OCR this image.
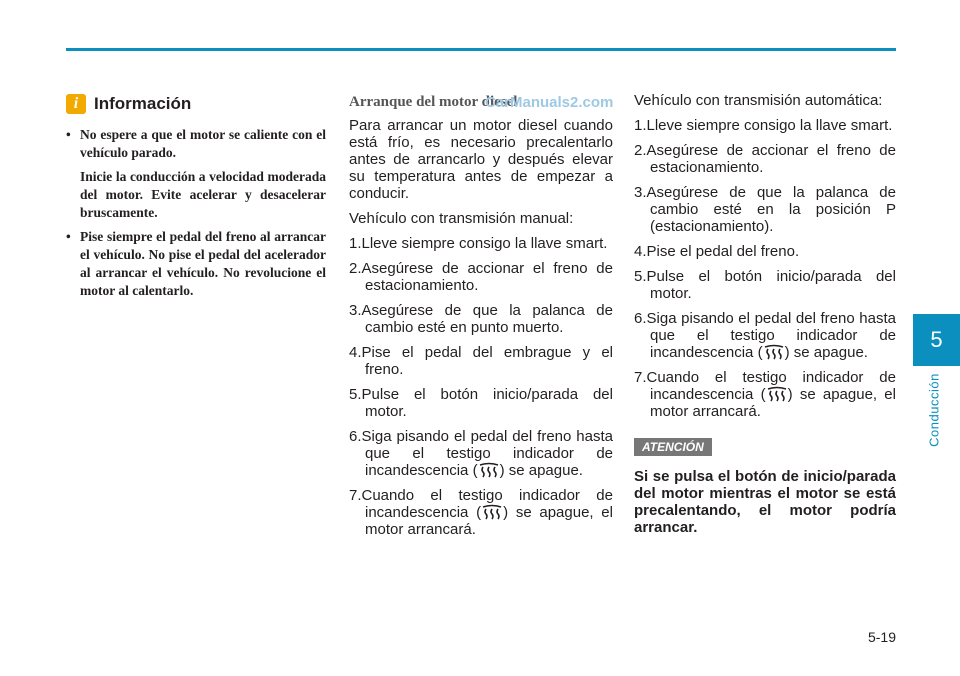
5
Conducción
i Información

• No espere a que el motor se caliente con el vehículo parado.

Inicie la conducción a velocidad moderada del motor. Evite acelerar y desacelerar bruscamente.

• Pise siempre el pedal del freno al arrancar el vehículo. No pise el pedal del acelerador al arrancar el vehículo. No revolucione el motor al calentarlo.

Arranque del motor diesel
CarManuals2.com

Para arrancar un motor diesel cuando está frío, es necesario precalentarlo antes de arrancarlo y después elevar su temperatura antes de empezar a conducir.

Vehículo con transmisión manual:

1.Lleve siempre consigo la llave smart.
2.Asegúrese de accionar el freno de estacionamiento.
3.Asegúrese de que la palanca de cambio esté en punto muerto.
4.Pise el pedal del embrague y el freno.
5.Pulse el botón inicio/parada del motor.
6.Siga pisando el pedal del freno hasta que el testigo indicador de incandescencia ( ) se apague.
7.Cuando el testigo indicador de incandescencia ( ) se apague, el motor arrancará.

Vehículo con transmisión automática:

1.Lleve siempre consigo la llave smart.
2.Asegúrese de accionar el freno de estacionamiento.
3.Asegúrese de que la palanca de cambio esté en la posición P (estacionamiento).
4.Pise el pedal del freno.
5.Pulse el botón inicio/parada del motor.
6.Siga pisando el pedal del freno hasta que el testigo indicador de incandescencia ( ) se apague.
7.Cuando el testigo indicador de incandescencia ( ) se apague, el motor arrancará.
ATENCIÓN

Si se pulsa el botón de inicio/parada del motor mientras el motor se está precalentando, el motor podría arrancar.

5-19
